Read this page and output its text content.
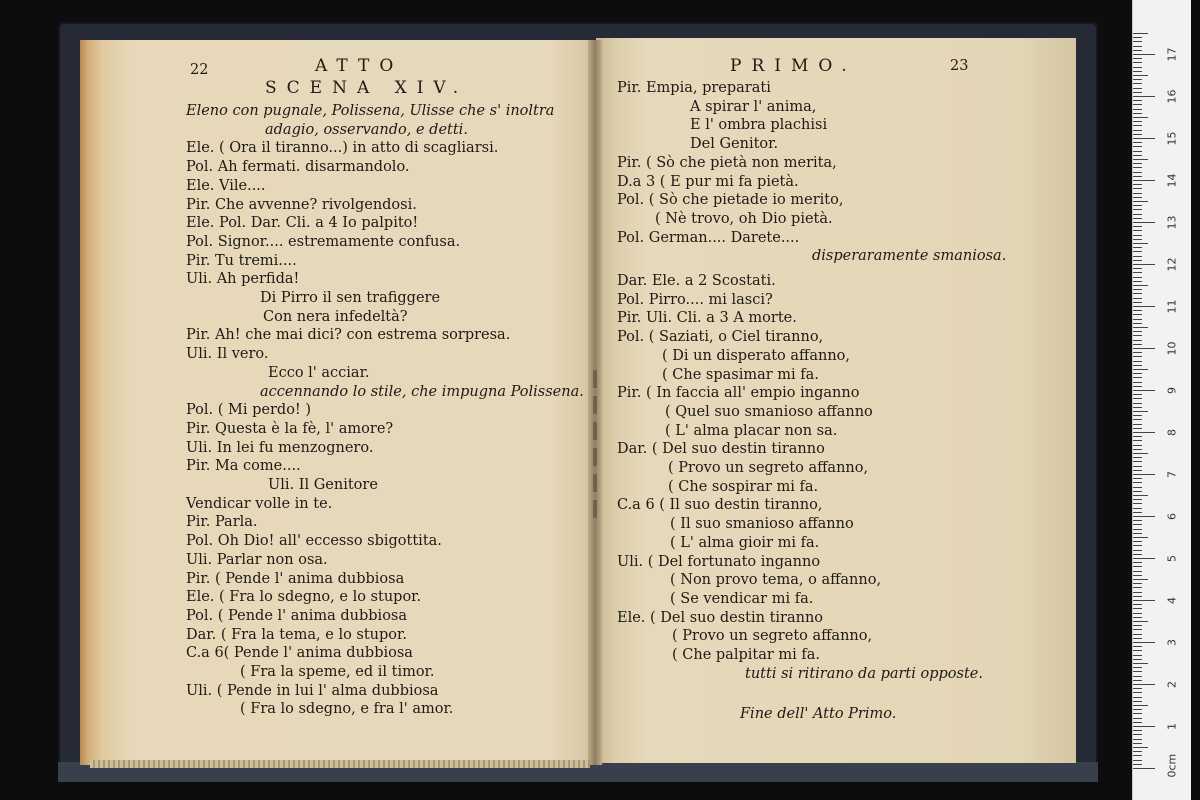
22	ATTO
SCENA XIV.
Eleno con pugnale, Polissena, Ulisse che s' inoltra
adagio, osservando, e detti.
Ele. ( Ora il tiranno...) in atto di scagliarsi.
Pol. Ah fermati. disarmandolo.
Ele. Vile....
Pir. Che avvenne? rivolgendosi.
Ele. Pol. Dar. Cli. a 4 Io palpito!
Pol. Signor.... estremamente confusa.
Pir. Tu tremi....
Uli. Ah perfida!
Di Pirro il sen trafiggere
Con nera infedeltà?
Pir. Ah! che mai dici? con estrema sorpresa.
Uli. Il vero.
Ecco l' acciar.
accennando lo stile, che impugna Polissena.
Pol. ( Mi perdo! )
Pir. Questa è la fè, l' amore?
Uli. In lei fu menzognero.
Pir. Ma come....
Uli. Il Genitore
Vendicar volle in te.
Pir. Parla.
Pol. Oh Dio! all' eccesso sbigottita.
Uli. Parlar non osa.
Pir. ( Pende l' anima dubbiosa
Ele. ( Fra lo sdegno, e lo stupor.
Pol. ( Pende l' anima dubbiosa
Dar. ( Fra la tema, e lo stupor.
C.a 6( Pende l' anima dubbiosa
( Fra la speme, ed il timor.
Uli. ( Pende in lui l' alma dubbiosa
( Fra lo sdegno, e fra l' amor.
PRIMO.	23
Pir. Empia, preparati
A spirar l' anima,
E l' ombra plachisi
Del Genitor.
Pir. ( Sò che pietà non merita,
D.a 3 ( E pur mi fa pietà.
Pol. ( Sò che pietade io merito,
( Nè trovo, oh Dio pietà.
Pol. German.... Darete....
disperaramente smaniosa.
Dar. Ele. a 2 Scostati.
Pol. Pirro.... mi lasci?
Pir. Uli. Cli. a 3 A morte.
Pol. ( Saziati, o Ciel tiranno,
( Di un disperato affanno,
( Che spasimar mi fa.
Pir. ( In faccia all' empio inganno
( Quel suo smanioso affanno
( L' alma placar non sa.
Dar. ( Del suo destin tiranno
( Provo un segreto affanno,
( Che sospirar mi fa.
C.a 6 ( Il suo destin tiranno,
( Il suo smanioso affanno
( L' alma gioir mi fa.
Uli. ( Del fortunato inganno
( Non provo tema, o affanno,
( Se vendicar mi fa.
Ele. ( Del suo destin tiranno
( Provo un segreto affanno,
( Che palpitar mi fa.
tutti si ritirano da parti opposte.
Fine dell' Atto Primo.
17
16
15
14
13
12
11
10
9
8
7
6
5
4
3
2
1
0cm
